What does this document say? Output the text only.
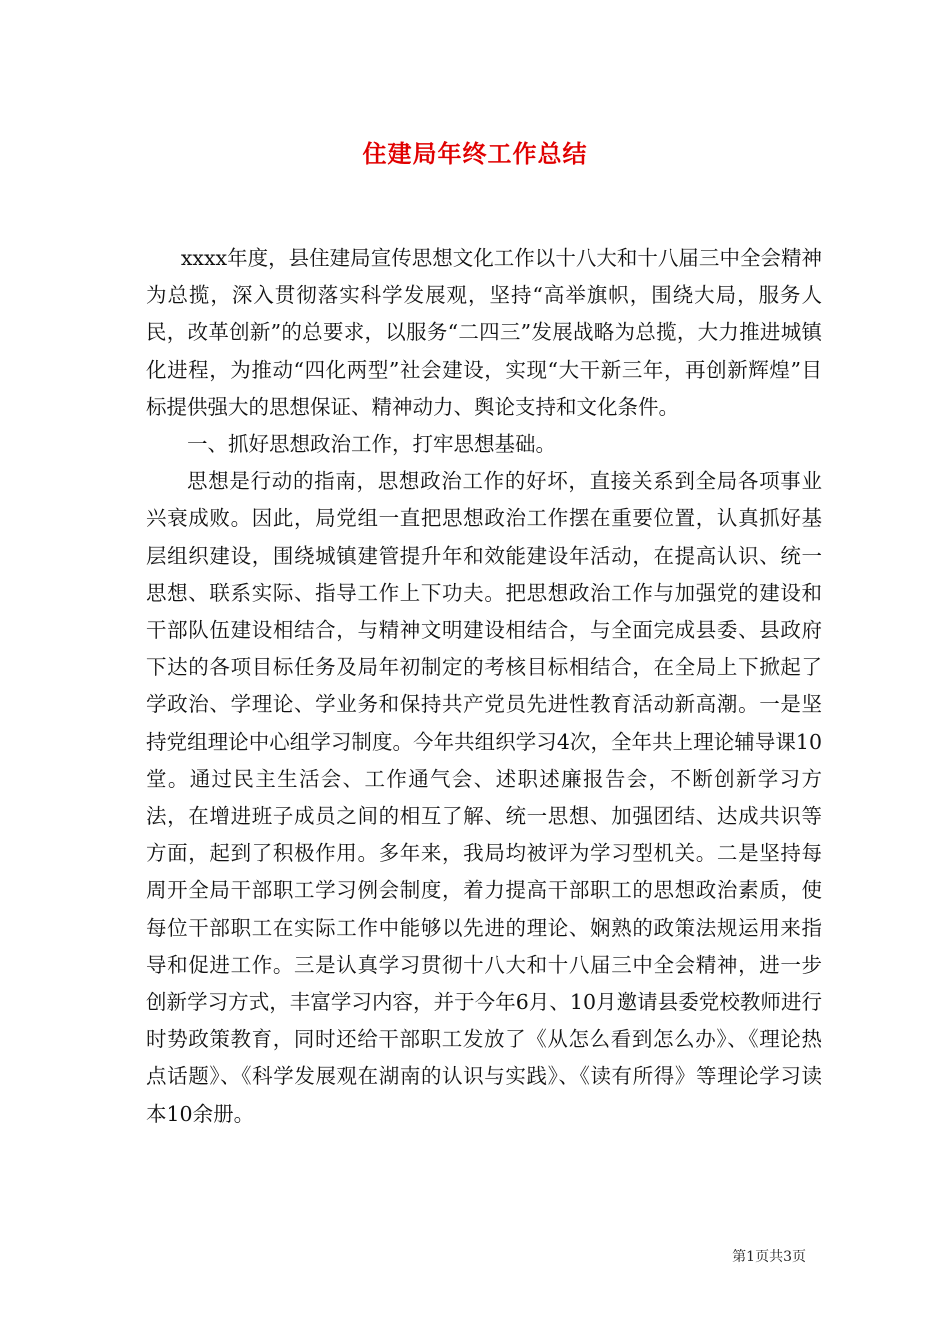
住建局年终工作总结

xxxx年度，县住建局宣传思想文化工作以十八大和十八届三中全会精神为总揽，深入贯彻落实科学发展观，坚持“高举旗帜，围绕大局，服务人民，改革创新”的总要求，以服务“二四三”发展战略为总揽，大力推进城镇化进程，为推动“四化两型”社会建设，实现“大干新三年，再创新辉煌”目标提供强大的思想保证、精神动力、舆论支持和文化条件。

一、抓好思想政治工作，打牢思想基础。

思想是行动的指南，思想政治工作的好坏，直接关系到全局各项事业兴衰成败。因此，局党组一直把思想政治工作摆在重要位置，认真抓好基层组织建设，围绕城镇建管提升年和效能建设年活动，在提高认识、统一思想、联系实际、指导工作上下功夫。把思想政治工作与加强党的建设和干部队伍建设相结合，与精神文明建设相结合，与全面完成县委、县政府下达的各项目标任务及局年初制定的考核目标相结合，在全局上下掀起了学政治、学理论、学业务和保持共产党员先进性教育活动新高潮。一是坚持党组理论中心组学习制度。今年共组织学习4次，全年共上理论辅导课10堂。通过民主生活会、工作通气会、述职述廉报告会，不断创新学习方法，在增进班子成员之间的相互了解、统一思想、加强团结、达成共识等方面，起到了积极作用。多年来，我局均被评为学习型机关。二是坚持每周开全局干部职工学习例会制度，着力提高干部职工的思想政治素质，使每位干部职工在实际工作中能够以先进的理论、娴熟的政策法规运用来指导和促进工作。三是认真学习贯彻十八大和十八届三中全会精神，进一步创新学习方式，丰富学习内容，并于今年6月、10月邀请县委党校教师进行时势政策教育，同时还给干部职工发放了《从怎么看到怎么办》、《理论热点话题》、《科学发展观在湖南的认识与实践》、《读有所得》等理论学习读本10余册。

第1页共3页
